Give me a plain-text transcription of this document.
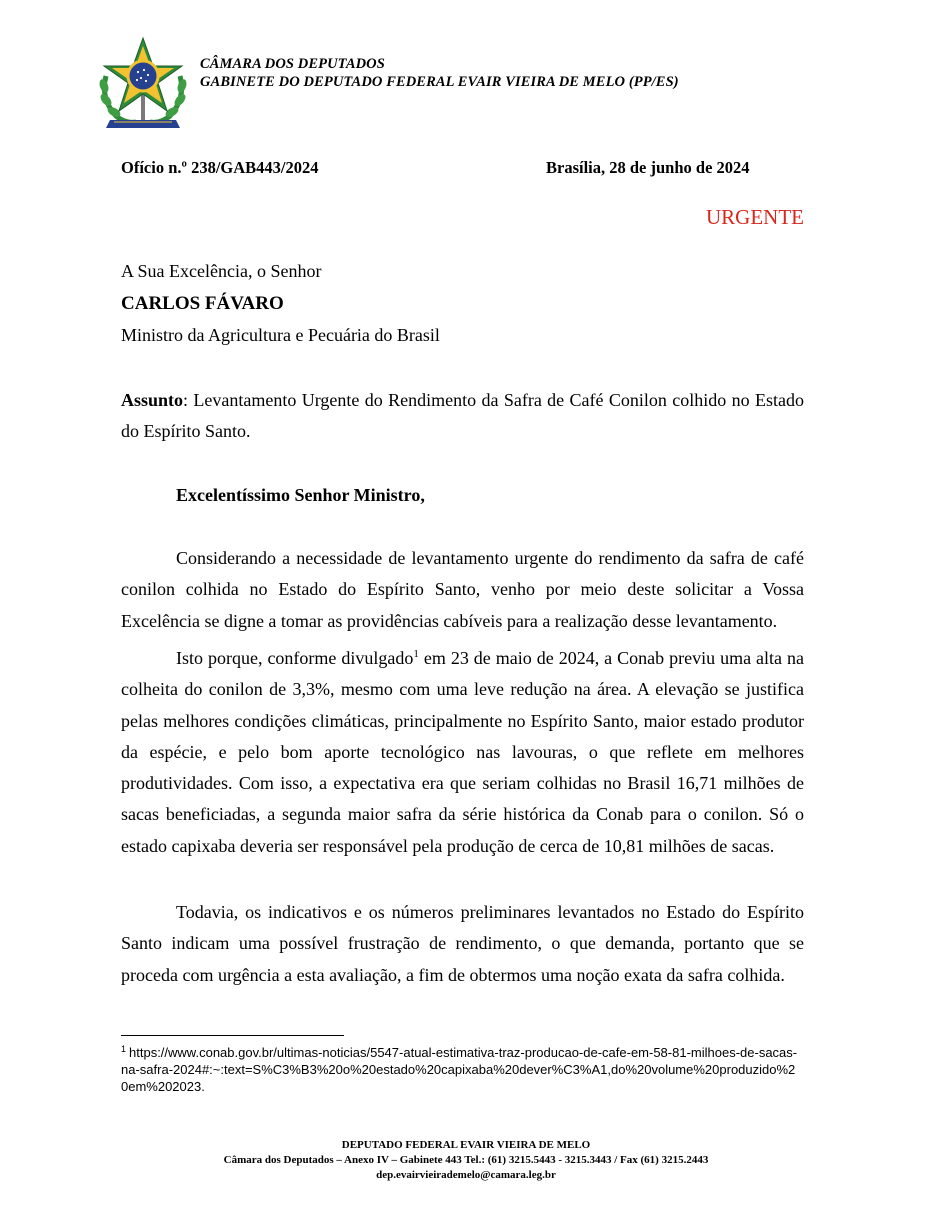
CÂMARA DOS DEPUTADOS
GABINETE DO DEPUTADO FEDERAL EVAIR VIEIRA DE MELO (PP/ES)
Ofício n.º 238/GAB443/2024	Brasília, 28 de junho de 2024
URGENTE
A Sua Excelência, o Senhor
CARLOS FÁVARO
Ministro da Agricultura e Pecuária do Brasil
Assunto: Levantamento Urgente do Rendimento da Safra de Café Conilon colhido no Estado do Espírito Santo.
Excelentíssimo Senhor Ministro,
Considerando a necessidade de levantamento urgente do rendimento da safra de café conilon colhida no Estado do Espírito Santo, venho por meio deste solicitar a Vossa Excelência se digne a tomar as providências cabíveis para a realização desse levantamento.
Isto porque, conforme divulgado$^1$ em 23 de maio de 2024, a Conab previu uma alta na colheita do conilon de 3,3%, mesmo com uma leve redução na área. A elevação se justifica pelas melhores condições climáticas, principalmente no Espírito Santo, maior estado produtor da espécie, e pelo bom aporte tecnológico nas lavouras, o que reflete em melhores produtividades. Com isso, a expectativa era que seriam colhidas no Brasil 16,71 milhões de sacas beneficiadas, a segunda maior safra da série histórica da Conab para o conilon. Só o estado capixaba deveria ser responsável pela produção de cerca de 10,81 milhões de sacas.
Todavia, os indicativos e os números preliminares levantados no Estado do Espírito Santo indicam uma possível frustração de rendimento, o que demanda, portanto que se proceda com urgência a esta avaliação, a fim de obtermos uma noção exata da safra colhida.
$^1$ https://www.conab.gov.br/ultimas-noticias/5547-atual-estimativa-traz-producao-de-cafe-em-58-81-milhoes-de-sacas-na-safra-2024#:~:text=S%C3%B3%20o%20estado%20capixaba%20dever%C3%A1,do%20volume%20produzido%20em%202023.
DEPUTADO FEDERAL EVAIR VIEIRA DE MELO
Câmara dos Deputados – Anexo IV – Gabinete 443 Tel.: (61) 3215.5443 - 3215.3443 / Fax (61) 3215.2443
dep.evairvieirademelo@camara.leg.br
